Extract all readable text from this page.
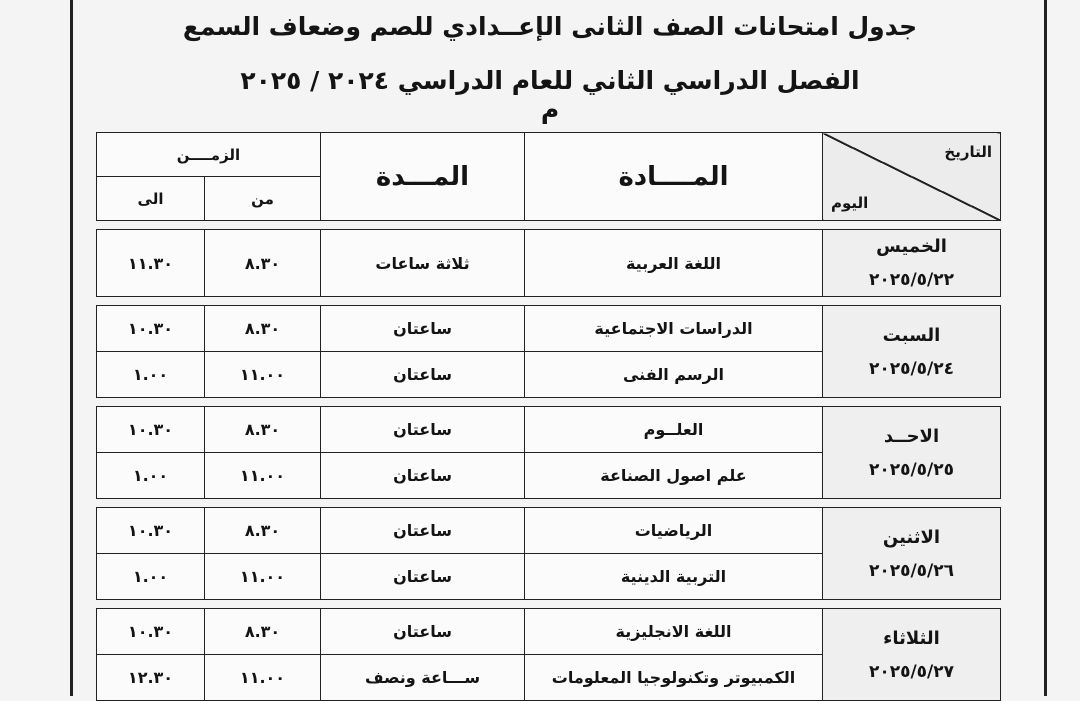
جدول امتحانات الصف الثانى الإعــدادي للصم وضعاف السمع
الفصل الدراسي الثاني للعام الدراسي ٢٠٢٤ / ٢٠٢٥ م
التاريخ
اليوم	المــــادة	المـــدة	الزمــــن	
			من	الى

الخميس
٢٠٢٥/٥/٢٢	اللغة العربية	ثلاثة ساعات	٨.٣٠	١١.٣٠

السبت
٢٠٢٥/٥/٢٤	الدراسات الاجتماعية	ساعتان	٨.٣٠	١٠.٣٠
	الرسم الفنى	ساعتان	١١.٠٠	١.٠٠

الاحــد
٢٠٢٥/٥/٢٥	العلــوم	ساعتان	٨.٣٠	١٠.٣٠
	علم اصول الصناعة	ساعتان	١١.٠٠	١.٠٠

الاثنين
٢٠٢٥/٥/٢٦	الرياضيات	ساعتان	٨.٣٠	١٠.٣٠
	التربية الدينية	ساعتان	١١.٠٠	١.٠٠

الثلاثاء
٢٠٢٥/٥/٢٧	اللغة الانجليزية	ساعتان	٨.٣٠	١٠.٣٠
	الكمبيوتر وتكنولوجيا المعلومات	ســـاعة ونصف	١١.٠٠	١٢.٣٠
